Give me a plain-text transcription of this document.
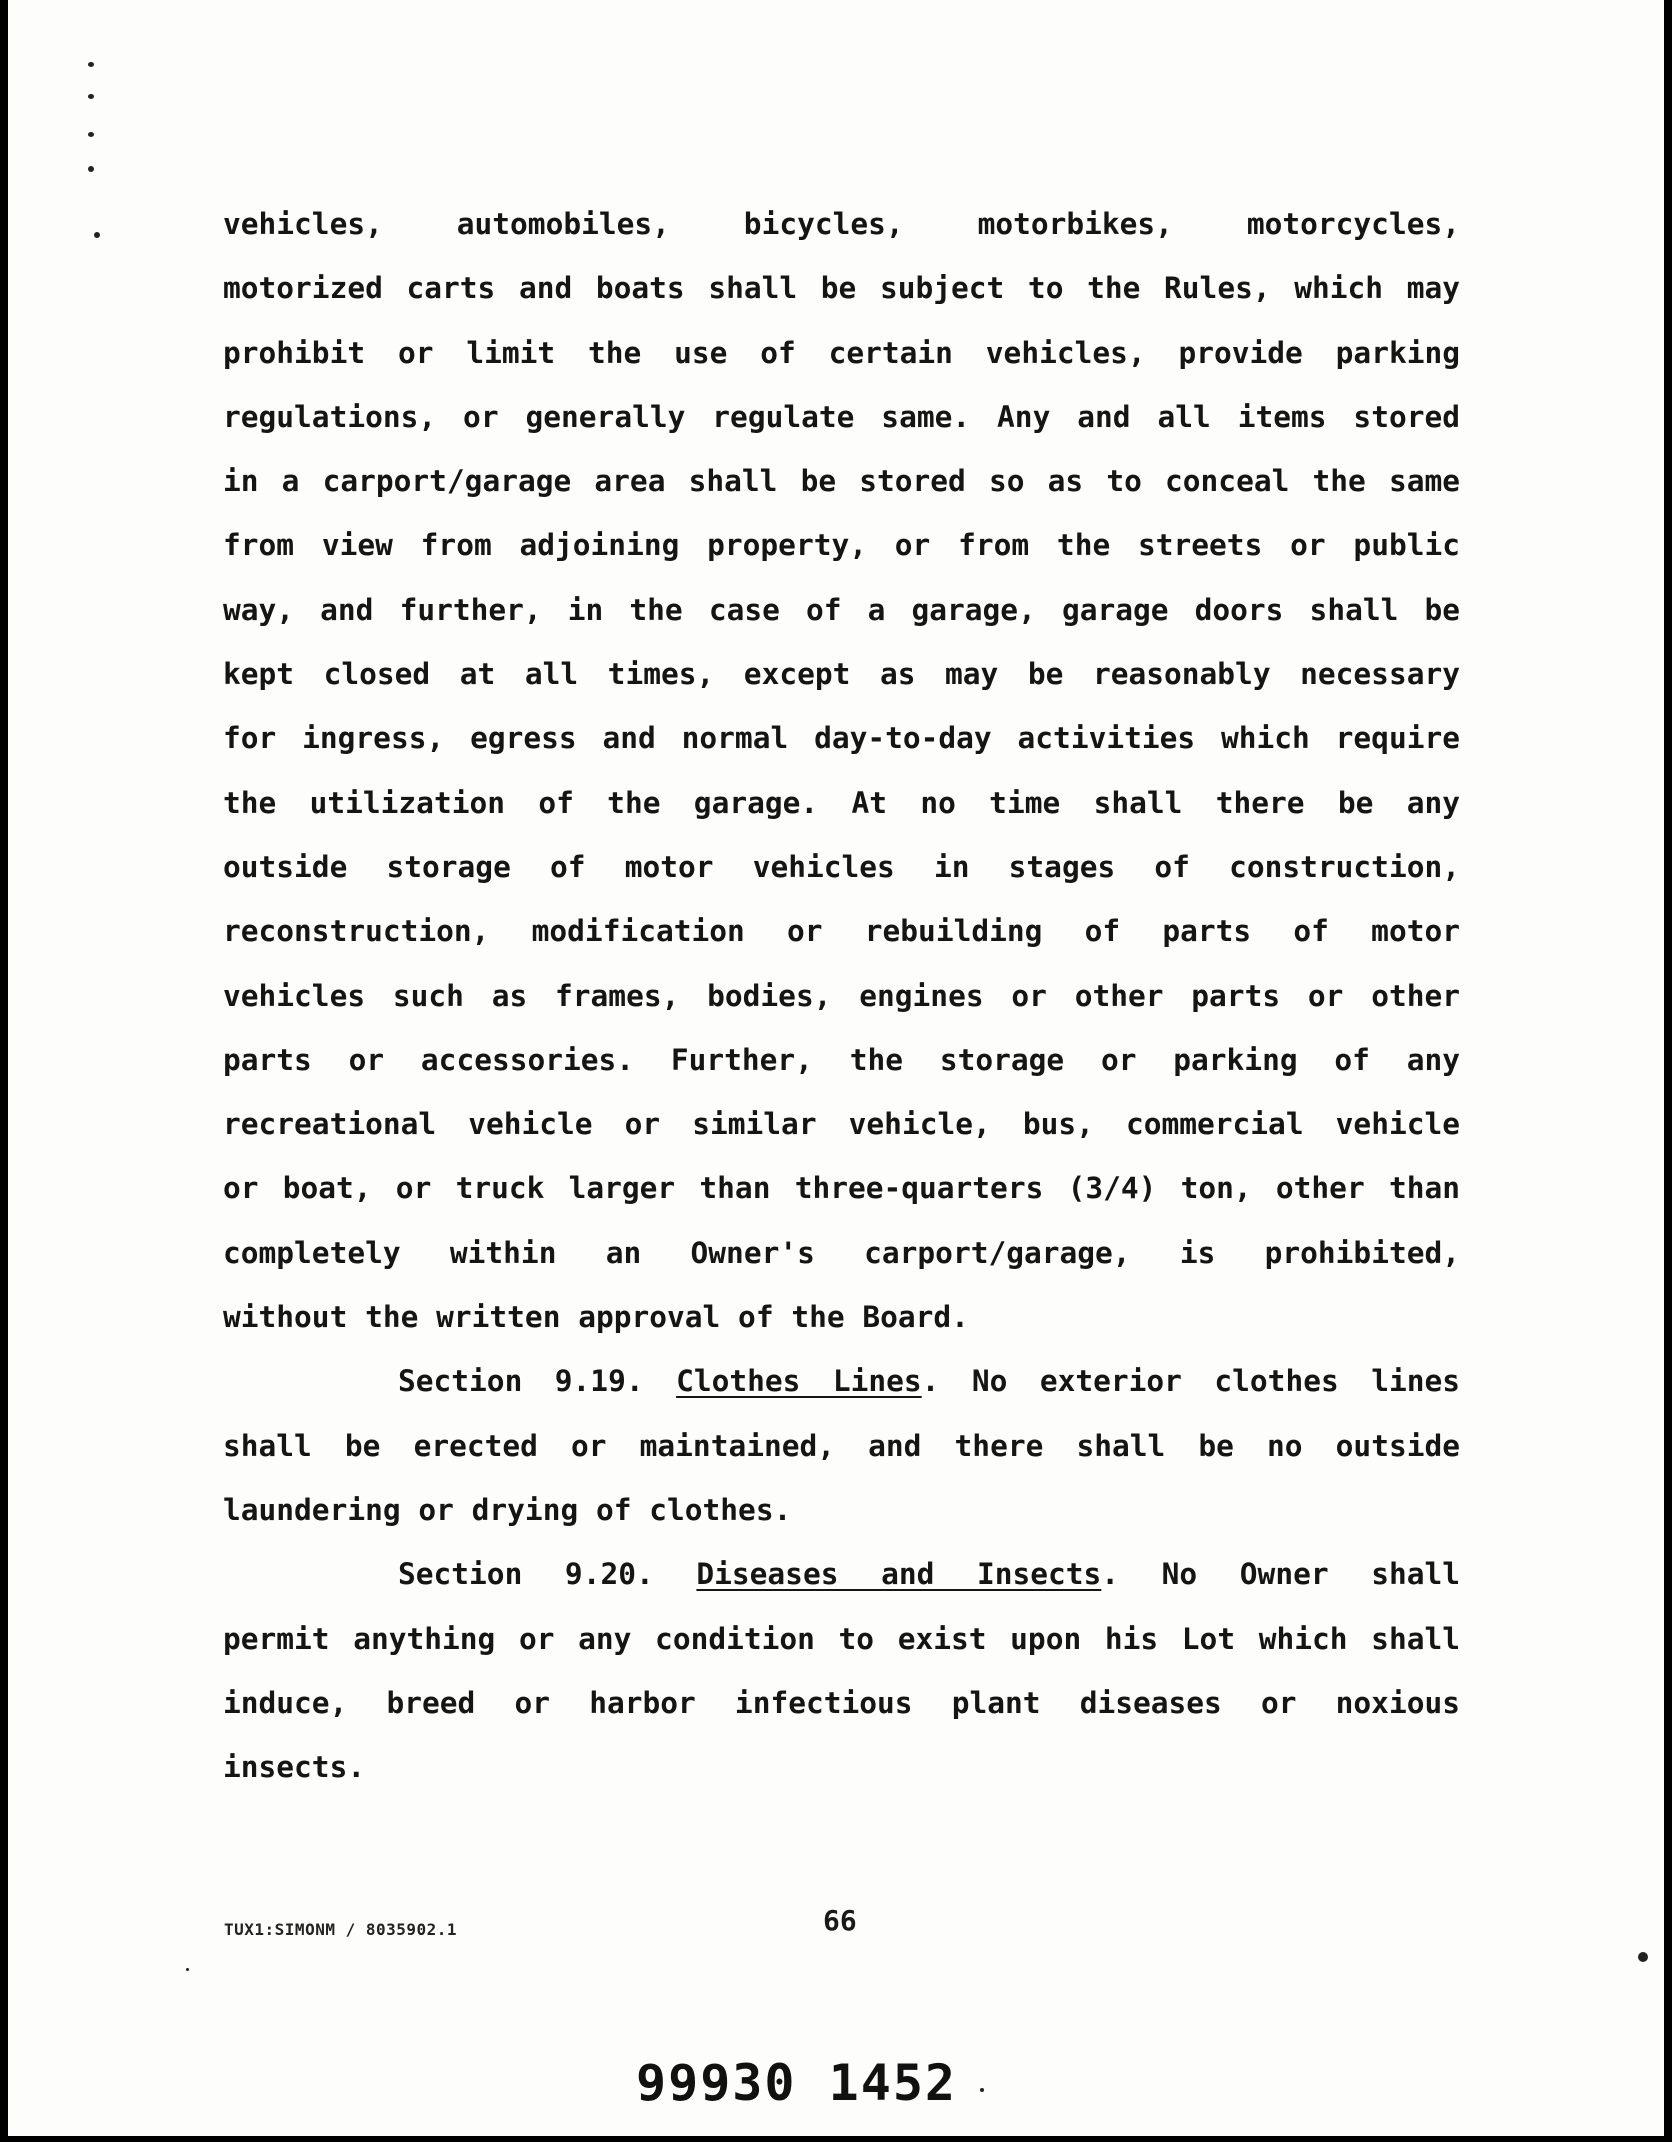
vehicles, automobiles, bicycles, motorbikes, motorcycles,
motorized carts and boats shall be subject to the Rules, which may
prohibit or limit the use of certain vehicles, provide parking
regulations, or generally regulate same. Any and all items stored
in a carport/garage area shall be stored so as to conceal the same
from view from adjoining property, or from the streets or public
way, and further, in the case of a garage, garage doors shall be
kept closed at all times, except as may be reasonably necessary
for ingress, egress and normal day-to-day activities which require
the utilization of the garage. At no time shall there be any
outside storage of motor vehicles in stages of construction,
reconstruction, modification or rebuilding of parts of motor
vehicles such as frames, bodies, engines or other parts or other
parts or accessories. Further, the storage or parking of any
recreational vehicle or similar vehicle, bus, commercial vehicle
or boat, or truck larger than three-quarters (3/4) ton, other than
completely within an Owner's carport/garage, is prohibited,
without the written approval of the Board.
Section 9.19. Clothes Lines. No exterior clothes lines
shall be erected or maintained, and there shall be no outside
laundering or drying of clothes.
Section 9.20. Diseases and Insects. No Owner shall
permit anything or any condition to exist upon his Lot which shall
induce, breed or harbor infectious plant diseases or noxious
insects.
TUX1:SIMONM / 8035902.1	66
99930 1452
